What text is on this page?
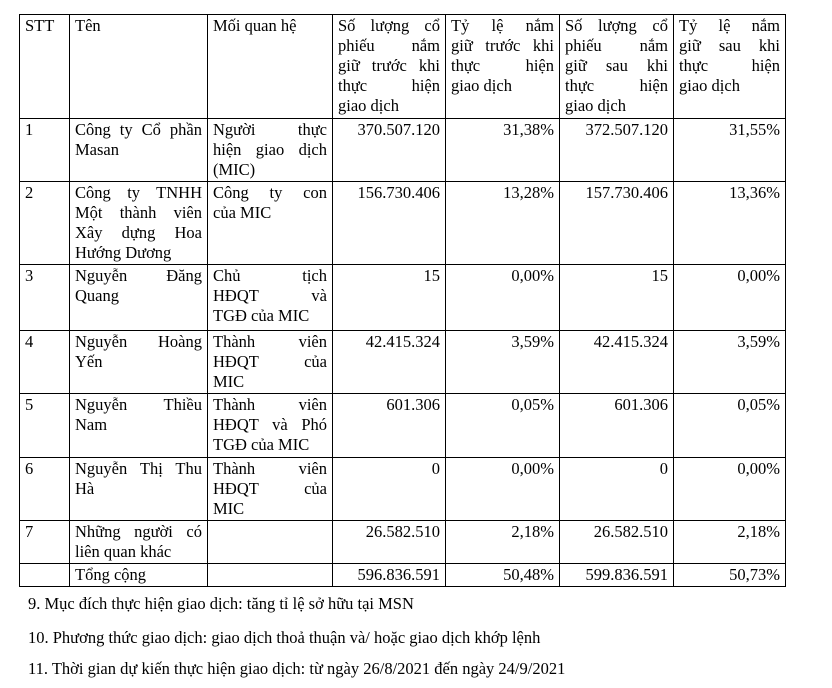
STT	Tên	Mối quan hệ	Số lượng cổ
phiếu nắm
giữ trước khi
thực hiện
giao dịch	Tỷ lệ nắm
giữ trước khi
thực hiện
giao dịch	Số lượng cổ
phiếu nắm
giữ sau khi
thực hiện
giao dịch	Tỷ lệ nắm
giữ sau khi
thực hiện
giao dịch

1	Công ty Cổ phần
Masan	Người thực
hiện giao dịch
(MIC)	370.507.120	31,38%	372.507.120	31,55%
2	Công ty TNHH
Một thành viên
Xây dựng Hoa
Hướng Dương	Công ty con
của MIC	156.730.406	13,28%	157.730.406	13,36%
3	Nguyễn Đăng
Quang	Chủ tịch
HĐQT và
TGĐ của MIC	15	0,00%	15	0,00%
4	Nguyễn Hoàng
Yến	Thành viên
HĐQT của
MIC	42.415.324	3,59%	42.415.324	3,59%
5	Nguyễn Thiều
Nam	Thành viên
HĐQT và Phó
TGĐ của MIC	601.306	0,05%	601.306	0,05%
6	Nguyễn Thị Thu
Hà	Thành viên
HĐQT của
MIC	0	0,00%	0	0,00%
7	Những người có
liên quan khác		26.582.510	2,18%	26.582.510	2,18%
	Tổng cộng		596.836.591	50,48%	599.836.591	50,73%
9. Mục đích thực hiện giao dịch: tăng tỉ lệ sở hữu tại MSN
10. Phương thức giao dịch: giao dịch thoả thuận và/ hoặc giao dịch khớp lệnh
11. Thời gian dự kiến thực hiện giao dịch: từ ngày 26/8/2021 đến ngày 24/9/2021
